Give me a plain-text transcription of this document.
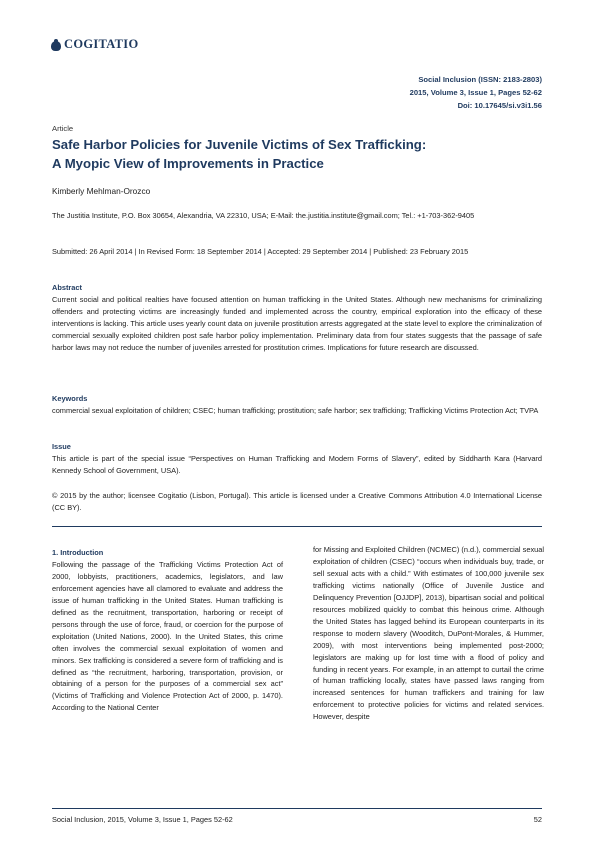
COGITATIO
Social Inclusion (ISSN: 2183-2803)
2015, Volume 3, Issue 1, Pages 52-62
Doi: 10.17645/si.v3i1.56
Article
Safe Harbor Policies for Juvenile Victims of Sex Trafficking:
A Myopic View of Improvements in Practice
Kimberly Mehlman-Orozco
The Justitia Institute, P.O. Box 30654, Alexandria, VA 22310, USA; E-Mail: the.justitia.institute@gmail.com; Tel.: +1-703-362-9405
Submitted: 26 April 2014 | In Revised Form: 18 September 2014 | Accepted: 29 September 2014 | Published: 23 February 2015
Abstract
Current social and political realties have focused attention on human trafficking in the United States. Although new mechanisms for criminalizing offenders and protecting victims are increasingly funded and implemented across the country, empirical exploration into the efficacy of these interventions is lacking. This article uses yearly count data on juvenile prostitution arrests aggregated at the state level to explore the criminalization of commercial sexually exploited children post safe harbor policy implementation. Preliminary data from four states suggests that the passage of safe harbor laws may not reduce the number of juveniles arrested for prostitution crimes. Implications for future research are discussed.
Keywords
commercial sexual exploitation of children; CSEC; human trafficking; prostitution; safe harbor; sex trafficking; Trafficking Victims Protection Act; TVPA
Issue
This article is part of the special issue “Perspectives on Human Trafficking and Modern Forms of Slavery”, edited by Siddharth Kara (Harvard Kennedy School of Government, USA).
© 2015 by the author; licensee Cogitatio (Lisbon, Portugal). This article is licensed under a Creative Commons Attribution 4.0 International License (CC BY).

1. Introduction

Following the passage of the Trafficking Victims Protection Act of 2000, lobbyists, practitioners, academics, legislators, and law enforcement agencies have all clamored to evaluate and address the issue of human trafficking in the United States. Human trafficking is defined as the recruitment, transportation, harboring or receipt of persons through the use of force, fraud, or coercion for the purpose of exploitation (United Nations, 2000). In the United States, this crime often involves the commercial sexual exploitation of women and minors. Sex trafficking is considered a severe form of trafficking and is defined as “the recruitment, harboring, transportation, provision, or obtaining of a person for the purposes of a commercial sex act” (Victims of Trafficking and Violence Protection Act of 2000, p. 1470). According to the National Center

for Missing and Exploited Children (NCMEC) (n.d.), commercial sexual exploitation of children (CSEC) “occurs when individuals buy, trade, or sell sexual acts with a child.” With estimates of 100,000 juvenile sex trafficking victims nationally (Office of Juvenile Justice and Delinquency Prevention [OJJDP], 2013), bipartisan social and political resources mobilized quickly to combat this heinous crime. Although the United States has lagged behind its European counterparts in its response to modern slavery (Wooditch, DuPont-Morales, & Hummer, 2009), with most interventions being implemented post-2000; legislators are making up for lost time with a flood of policy and funding in recent years. For example, in an attempt to curtail the crime of human trafficking locally, states have passed laws ranging from increased sentences for human traffickers and training for law enforcement to protective policies for victims and related services. However, despite

Social Inclusion, 2015, Volume 3, Issue 1, Pages 52-62	52
